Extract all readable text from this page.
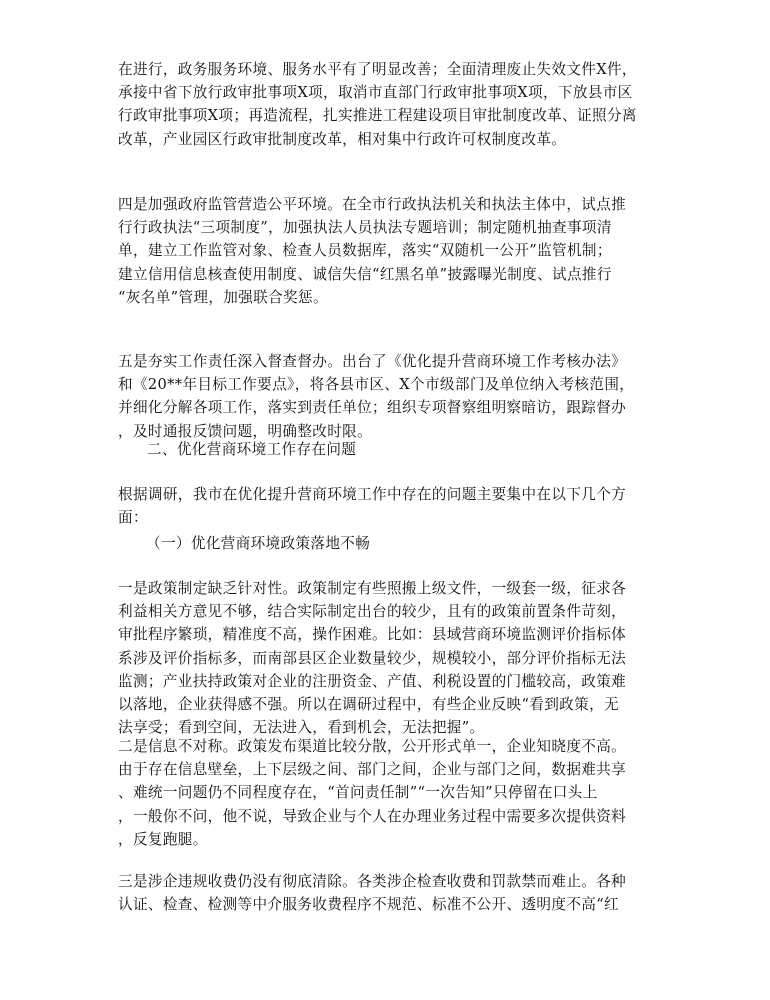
在进行，政务服务环境、服务水平有了明显改善；全面清理废止失效文件X件，
承接中省下放行政审批事项X项，取消市直部门行政审批事项X项，下放县市区
行政审批事项X项；再造流程，扎实推进工程建设项目审批制度改革、证照分离
改革，产业园区行政审批制度改革，相对集中行政许可权制度改革。
四是加强政府监管营造公平环境。在全市行政执法机关和执法主体中，试点推
行行政执法“三项制度”，加强执法人员执法专题培训；制定随机抽查事项清
单，建立工作监管对象、检查人员数据库，落实“双随机一公开”监管机制；
建立信用信息核查使用制度、诚信失信“红黑名单”披露曝光制度、试点推行
“灰名单”管理，加强联合奖惩。
五是夯实工作责任深入督查督办。出台了《优化提升营商环境工作考核办法》
和《20**年目标工作要点》，将各县市区、X个市级部门及单位纳入考核范围，
并细化分解各项工作，落实到责任单位；组织专项督察组明察暗访，跟踪督办
，及时通报反馈问题，明确整改时限。
二、优化营商环境工作存在问题
根据调研，我市在优化提升营商环境工作中存在的问题主要集中在以下几个方
面：
（一）优化营商环境政策落地不畅
一是政策制定缺乏针对性。政策制定有些照搬上级文件，一级套一级，征求各
利益相关方意见不够，结合实际制定出台的较少，且有的政策前置条件苛刻，
审批程序繁琐，精准度不高，操作困难。比如：县域营商环境监测评价指标体
系涉及评价指标多，而南部县区企业数量较少，规模较小，部分评价指标无法
监测；产业扶持政策对企业的注册资金、产值、利税设置的门槛较高，政策难
以落地，企业获得感不强。所以在调研过程中，有些企业反映“看到政策，无
法享受；看到空间，无法进入，看到机会，无法把握”。
二是信息不对称。政策发布渠道比较分散，公开形式单一，企业知晓度不高。
由于存在信息壁垒，上下层级之间、部门之间，企业与部门之间，数据难共享
、难统一问题仍不同程度存在，“首问责任制”“一次告知”只停留在口头上
，一般你不问，他不说，导致企业与个人在办理业务过程中需要多次提供资料
，反复跑腿。
三是涉企违规收费仍没有彻底清除。各类涉企检查收费和罚款禁而难止。各种
认证、检查、检测等中介服务收费程序不规范、标准不公开、透明度不高“红
